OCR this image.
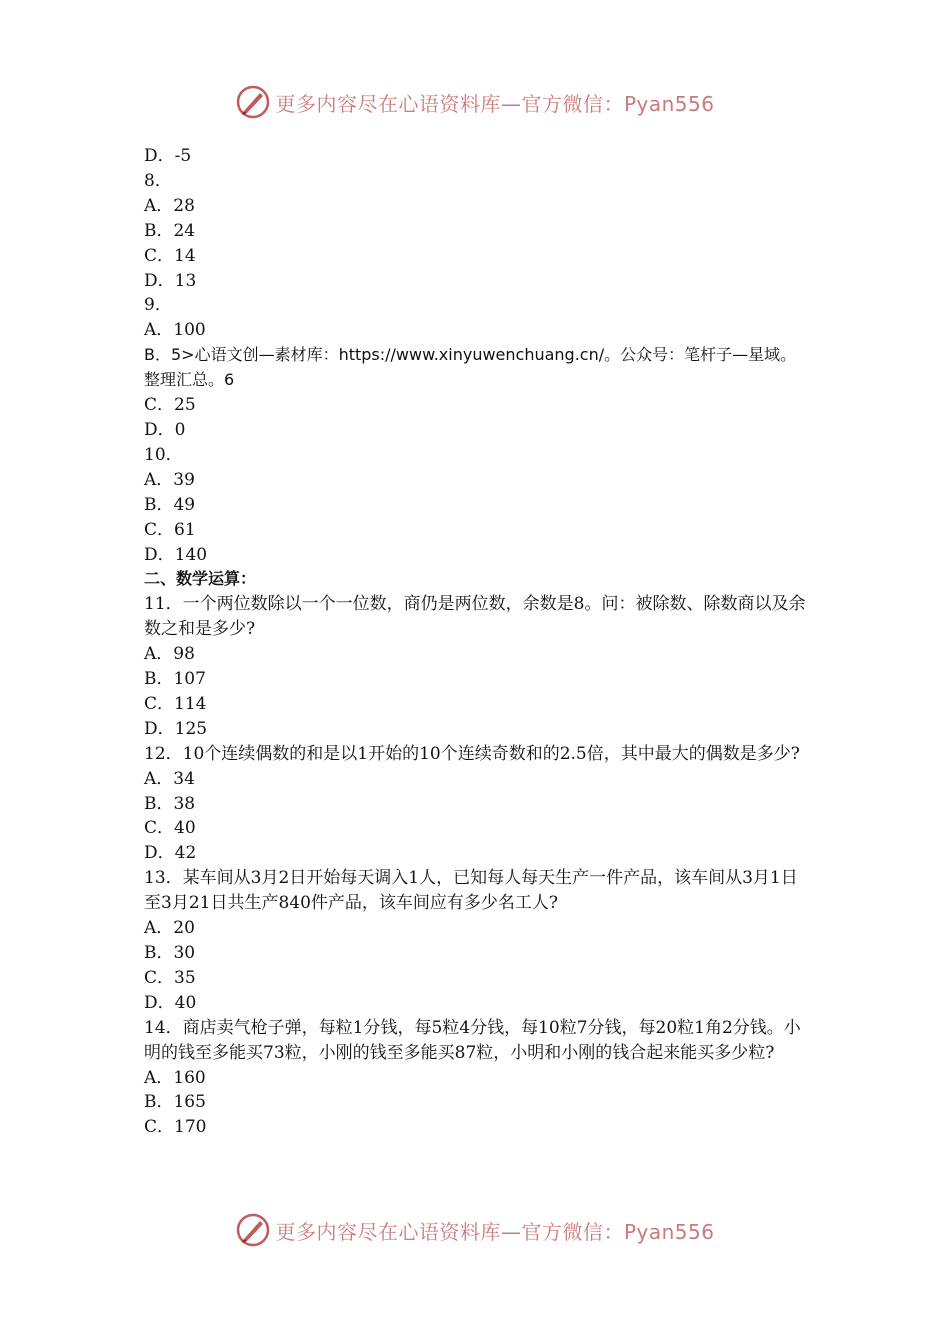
更多内容尽在心语资料库—官方微信：Pyan556

D．-5

8．

A．28

B．24

C．14

D．13

9．

A．100

B．5>心语文创—素材库：https://www.xinyuwenchuang.cn/。公众号：笔杆子—星域。整理汇总。6

C．25

D．0

10．

A．39

B．49

C．61

D．140

二、数学运算：

11．一个两位数除以一个一位数，商仍是两位数，余数是8。问：被除数、除数商以及余数之和是多少?

A．98

B．107

C．114

D．125

12．10个连续偶数的和是以1开始的10个连续奇数和的2.5倍，其中最大的偶数是多少?

A．34

B．38

C．40

D．42

13．某车间从3月2日开始每天调入1人，已知每人每天生产一件产品，该车间从3月1日至3月21日共生产840件产品，该车间应有多少名工人?

A．20

B．30

C．35

D．40

14．商店卖气枪子弹，每粒1分钱，每5粒4分钱，每10粒7分钱，每20粒1角2分钱。小明的钱至多能买73粒，小刚的钱至多能买87粒，小明和小刚的钱合起来能买多少粒?

A．160

B．165

C．170

更多内容尽在心语资料库—官方微信：Pyan556
